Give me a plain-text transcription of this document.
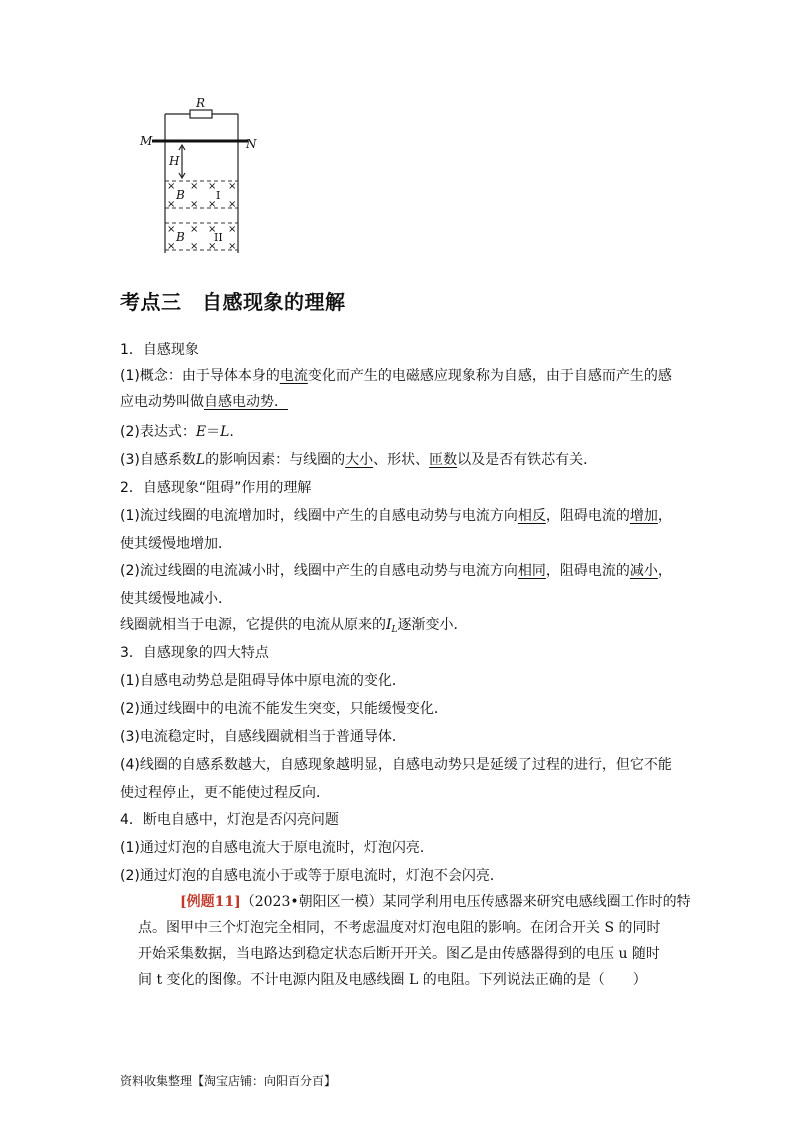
R
M	N
H
B
B
I
II
× × × ×
× × × ×
× × × ×
× × × ×
考点三　自感现象的理解
1．自感现象
(1)概念：由于导体本身的电流变化而产生的电磁感应现象称为自感，由于自感而产生的感
应电动势叫做自感电动势．
(2)表达式：E＝L.
(3)自感系数L的影响因素：与线圈的大小、形状、匝数以及是否有铁芯有关．
2．自感现象“阻碍”作用的理解
(1)流过线圈的电流增加时，线圈中产生的自感电动势与电流方向相反，阻碍电流的增加，
使其缓慢地增加．
(2)流过线圈的电流减小时，线圈中产生的自感电动势与电流方向相同，阻碍电流的减小，
使其缓慢地减小．
线圈就相当于电源，它提供的电流从原来的$I_L$逐渐变小．
3．自感现象的四大特点
(1)自感电动势总是阻碍导体中原电流的变化．
(2)通过线圈中的电流不能发生突变，只能缓慢变化．
(3)电流稳定时，自感线圈就相当于普通导体．
(4)线圈的自感系数越大，自感现象越明显，自感电动势只是延缓了过程的进行，但它不能
使过程停止，更不能使过程反向．
4．断电自感中，灯泡是否闪亮问题
(1)通过灯泡的自感电流大于原电流时，灯泡闪亮．
(2)通过灯泡的自感电流小于或等于原电流时，灯泡不会闪亮．
[例题11]（2023•朝阳区一模）某同学利用电压传感器来研究电感线圈工作时的特
点。图甲中三个灯泡完全相同，不考虑温度对灯泡电阻的影响。在闭合开关 S 的同时
开始采集数据，当电路达到稳定状态后断开开关。图乙是由传感器得到的电压 u 随时
间 t 变化的图像。不计电源内阻及电感线圈 L 的电阻。下列说法正确的是（　　）
资料收集整理【淘宝店铺：向阳百分百】
